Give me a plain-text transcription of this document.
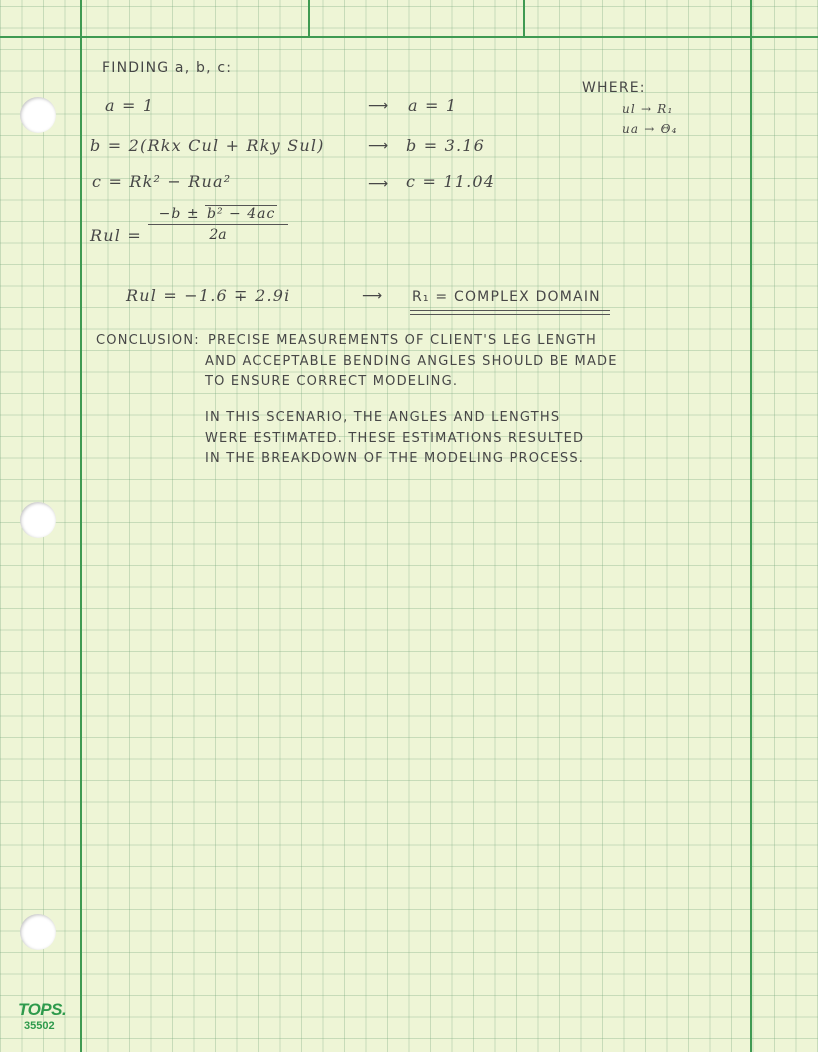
FINDING a, b, c:
WHERE:
ul → R₁
ua → Θ₄
a = 1	⟶ a = 1
b = 2(Rkx Cul + Rky Sul)	⟶ b = 3.16
c = Rk² − Rua²	⟶ c = 11.04
Rul = $\frac{\text{−b ± b² − 4ac}}{2a}$
Rul = −1.6 ∓ 2.9i	⟶ R₁ = COMPLEX DOMAIN
CONCLUSION: PRECISE MEASUREMENTS OF CLIENT'S LEG LENGTH
AND ACCEPTABLE BENDING ANGLES SHOULD BE MADE
TO ENSURE CORRECT MODELING.
IN THIS SCENARIO, THE ANGLES AND LENGTHS
WERE ESTIMATED. THESE ESTIMATIONS RESULTED
IN THE BREAKDOWN OF THE MODELING PROCESS.
TOPS.
35502
